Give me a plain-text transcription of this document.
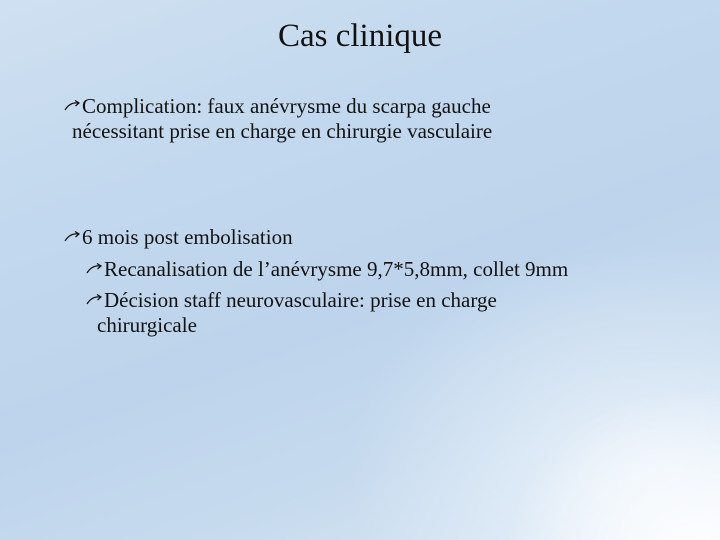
Cas clinique
Complication: faux anévrysme du scarpa gauche
nécessitant prise en charge en chirurgie vasculaire
6 mois post embolisation
Recanalisation de l’anévrysme 9,7*5,8mm, collet 9mm
Décision staff neurovasculaire: prise en charge
chirurgicale
